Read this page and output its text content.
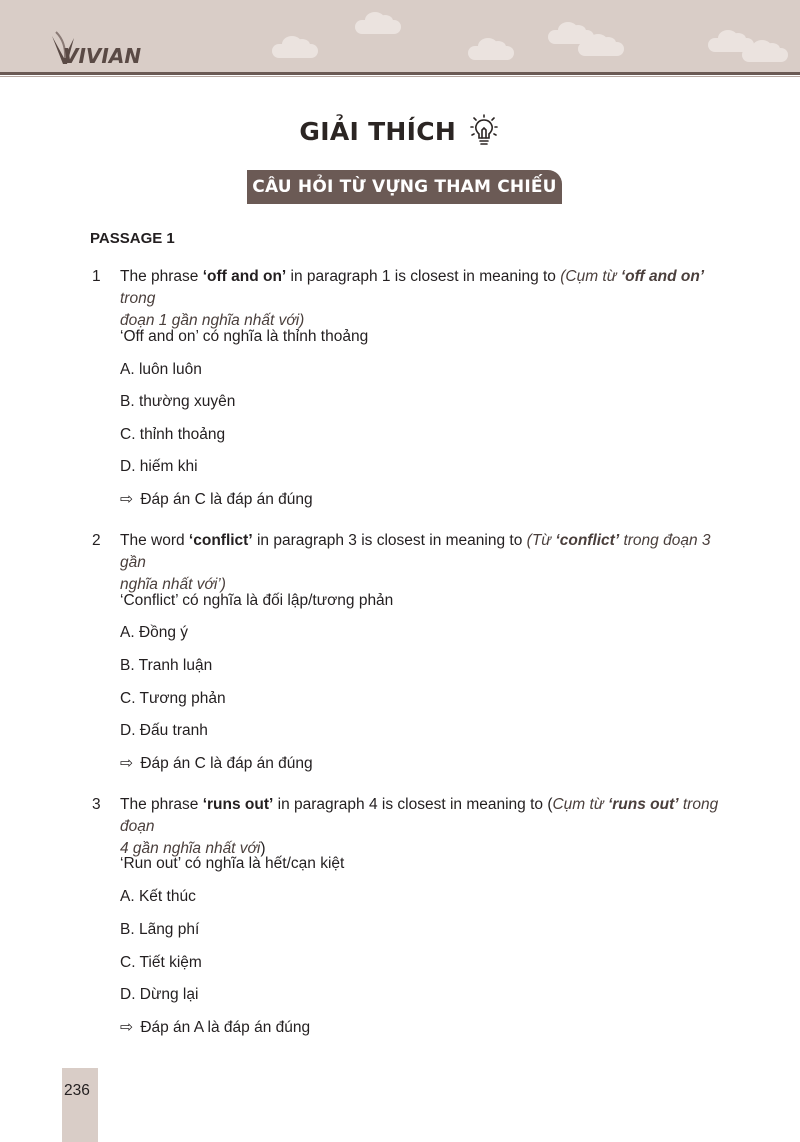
VIVIAN
GIẢI THÍCH
CÂU HỎI TỪ VỰNG THAM CHIẾU
PASSAGE 1
1 The phrase ‘off and on’ in paragraph 1 is closest in meaning to (Cụm từ ‘off and on’ trong
đoạn 1 gần nghĩa nhất với)
‘Off and on’ có nghĩa là thỉnh thoảng
A. luôn luôn
B. thường xuyên
C. thỉnh thoảng
D. hiếm khi
⇨ Đáp án C là đáp án đúng
2 The word ‘conflict’ in paragraph 3 is closest in meaning to (Từ ‘conflict’ trong đoạn 3 gần
nghĩa nhất với’)
‘Conflict’ có nghĩa là đối lập/tương phản
A. Đồng ý
B. Tranh luận
C. Tương phản
D. Đấu tranh
⇨ Đáp án C là đáp án đúng
3 The phrase ‘runs out’ in paragraph 4 is closest in meaning to (Cụm từ ‘runs out’ trong đoạn
4 gần nghĩa nhất với)
‘Run out’ có nghĩa là hết/cạn kiệt
A. Kết thúc
B. Lãng phí
C. Tiết kiệm
D. Dừng lại
⇨ Đáp án A là đáp án đúng
236
